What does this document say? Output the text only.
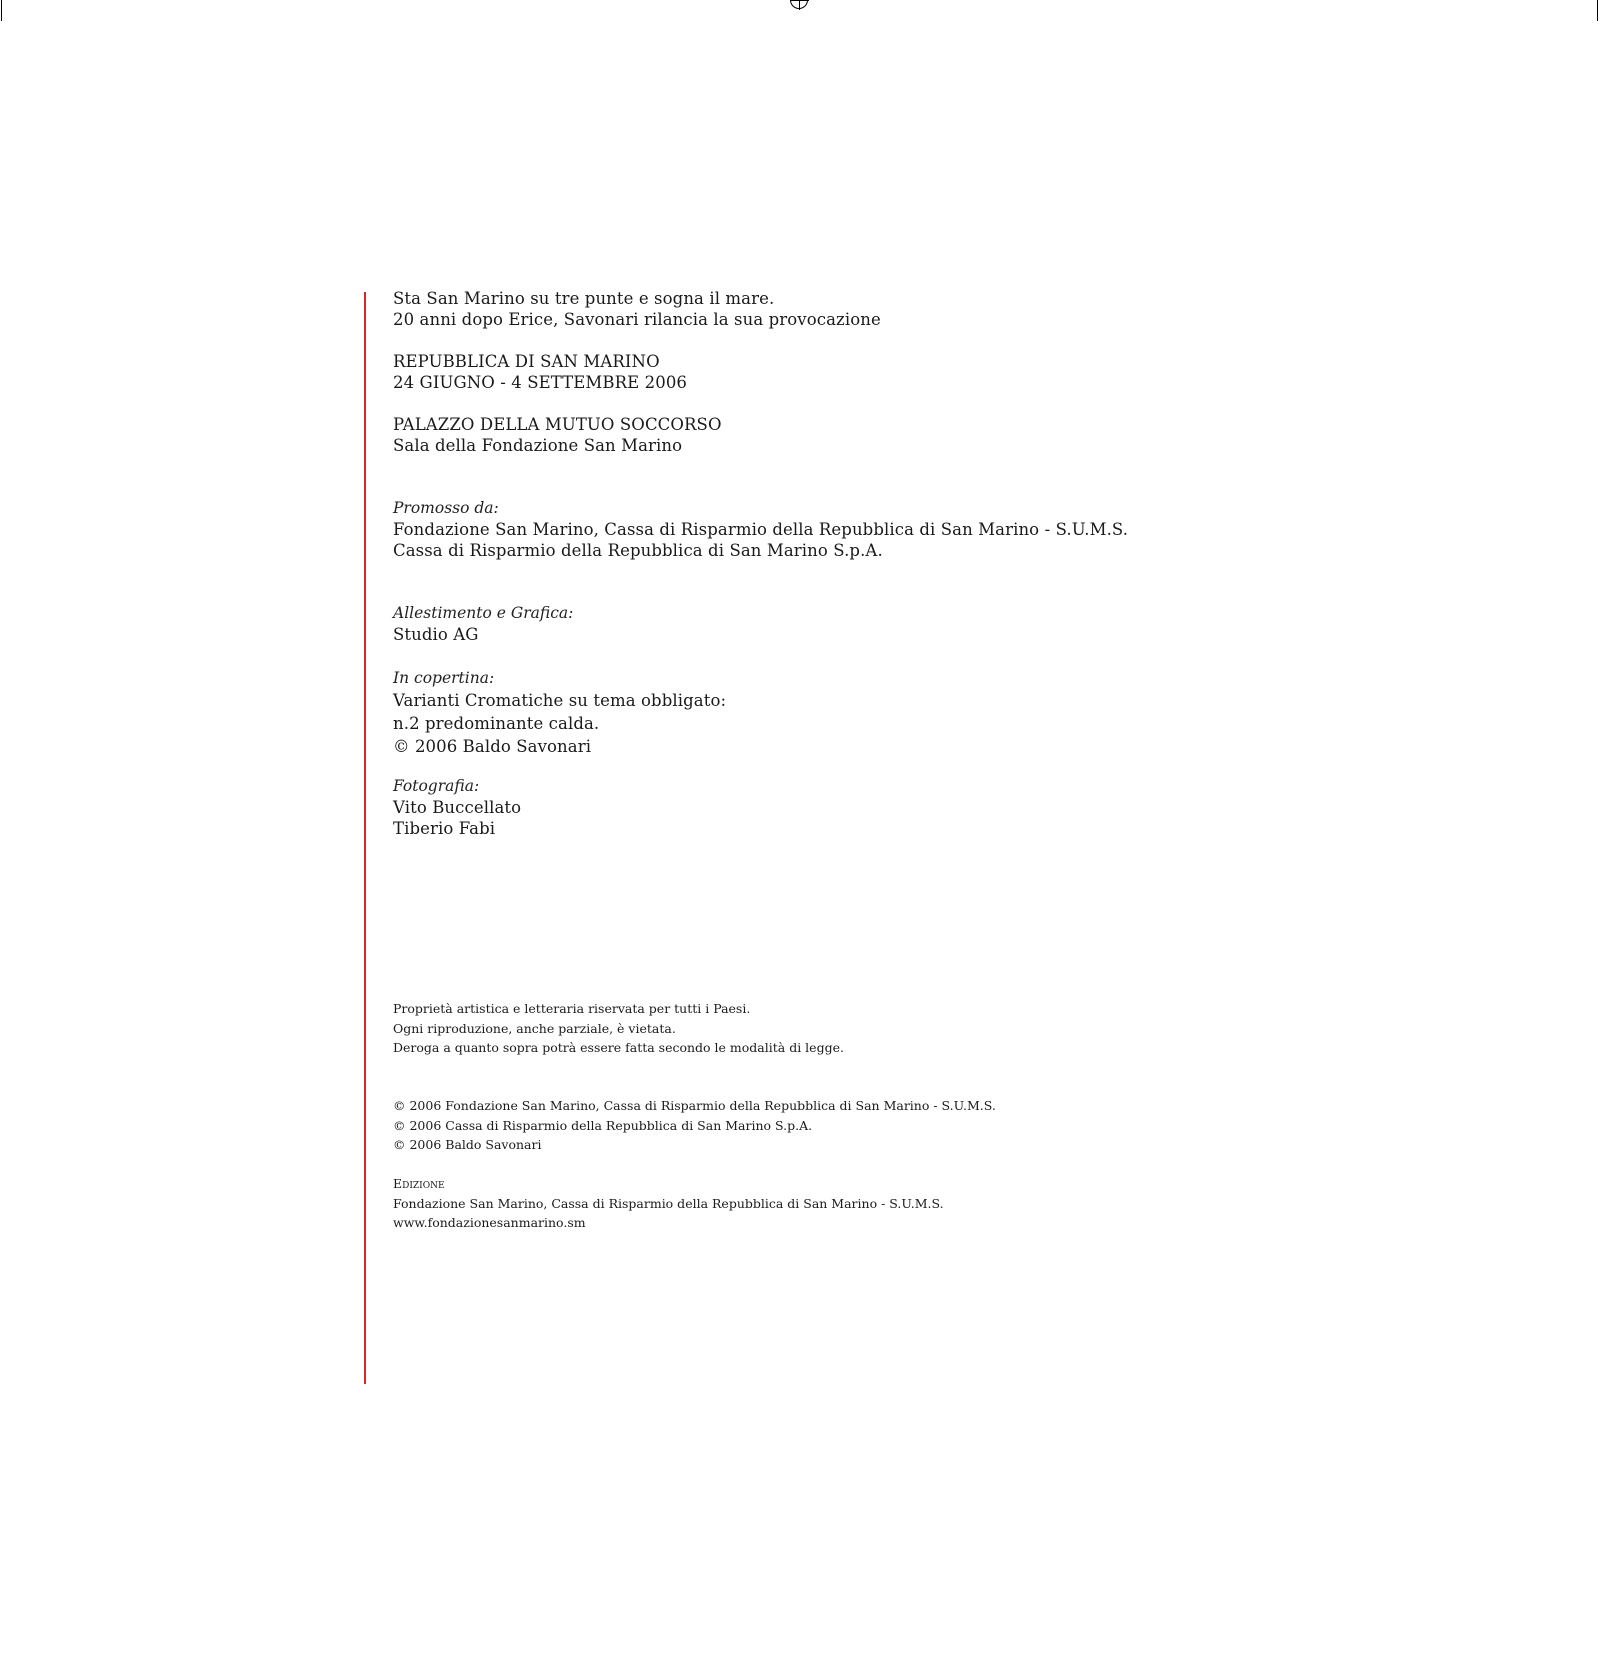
Sta San Marino su tre punte e sogna il mare.
20 anni dopo Erice, Savonari rilancia la sua provocazione
REPUBBLICA DI SAN MARINO
24 GIUGNO - 4 SETTEMBRE 2006
PALAZZO DELLA MUTUO SOCCORSO
Sala della Fondazione San Marino
Promosso da:
Fondazione San Marino, Cassa di Risparmio della Repubblica di San Marino - S.U.M.S.
Cassa di Risparmio della Repubblica di San Marino S.p.A.
Allestimento e Grafica:
Studio AG
In copertina:
Varianti Cromatiche su tema obbligato:
n.2 predominante calda.
© 2006 Baldo Savonari
Fotografia:
Vito Buccellato
Tiberio Fabi
Proprietà artistica e letteraria riservata per tutti i Paesi.
Ogni riproduzione, anche parziale, è vietata.
Deroga a quanto sopra potrà essere fatta secondo le modalità di legge.
© 2006 Fondazione San Marino, Cassa di Risparmio della Repubblica di San Marino - S.U.M.S.
© 2006 Cassa di Risparmio della Repubblica di San Marino S.p.A.
© 2006 Baldo Savonari
Edizione
Fondazione San Marino, Cassa di Risparmio della Repubblica di San Marino - S.U.M.S.
www.fondazionesanmarino.sm
